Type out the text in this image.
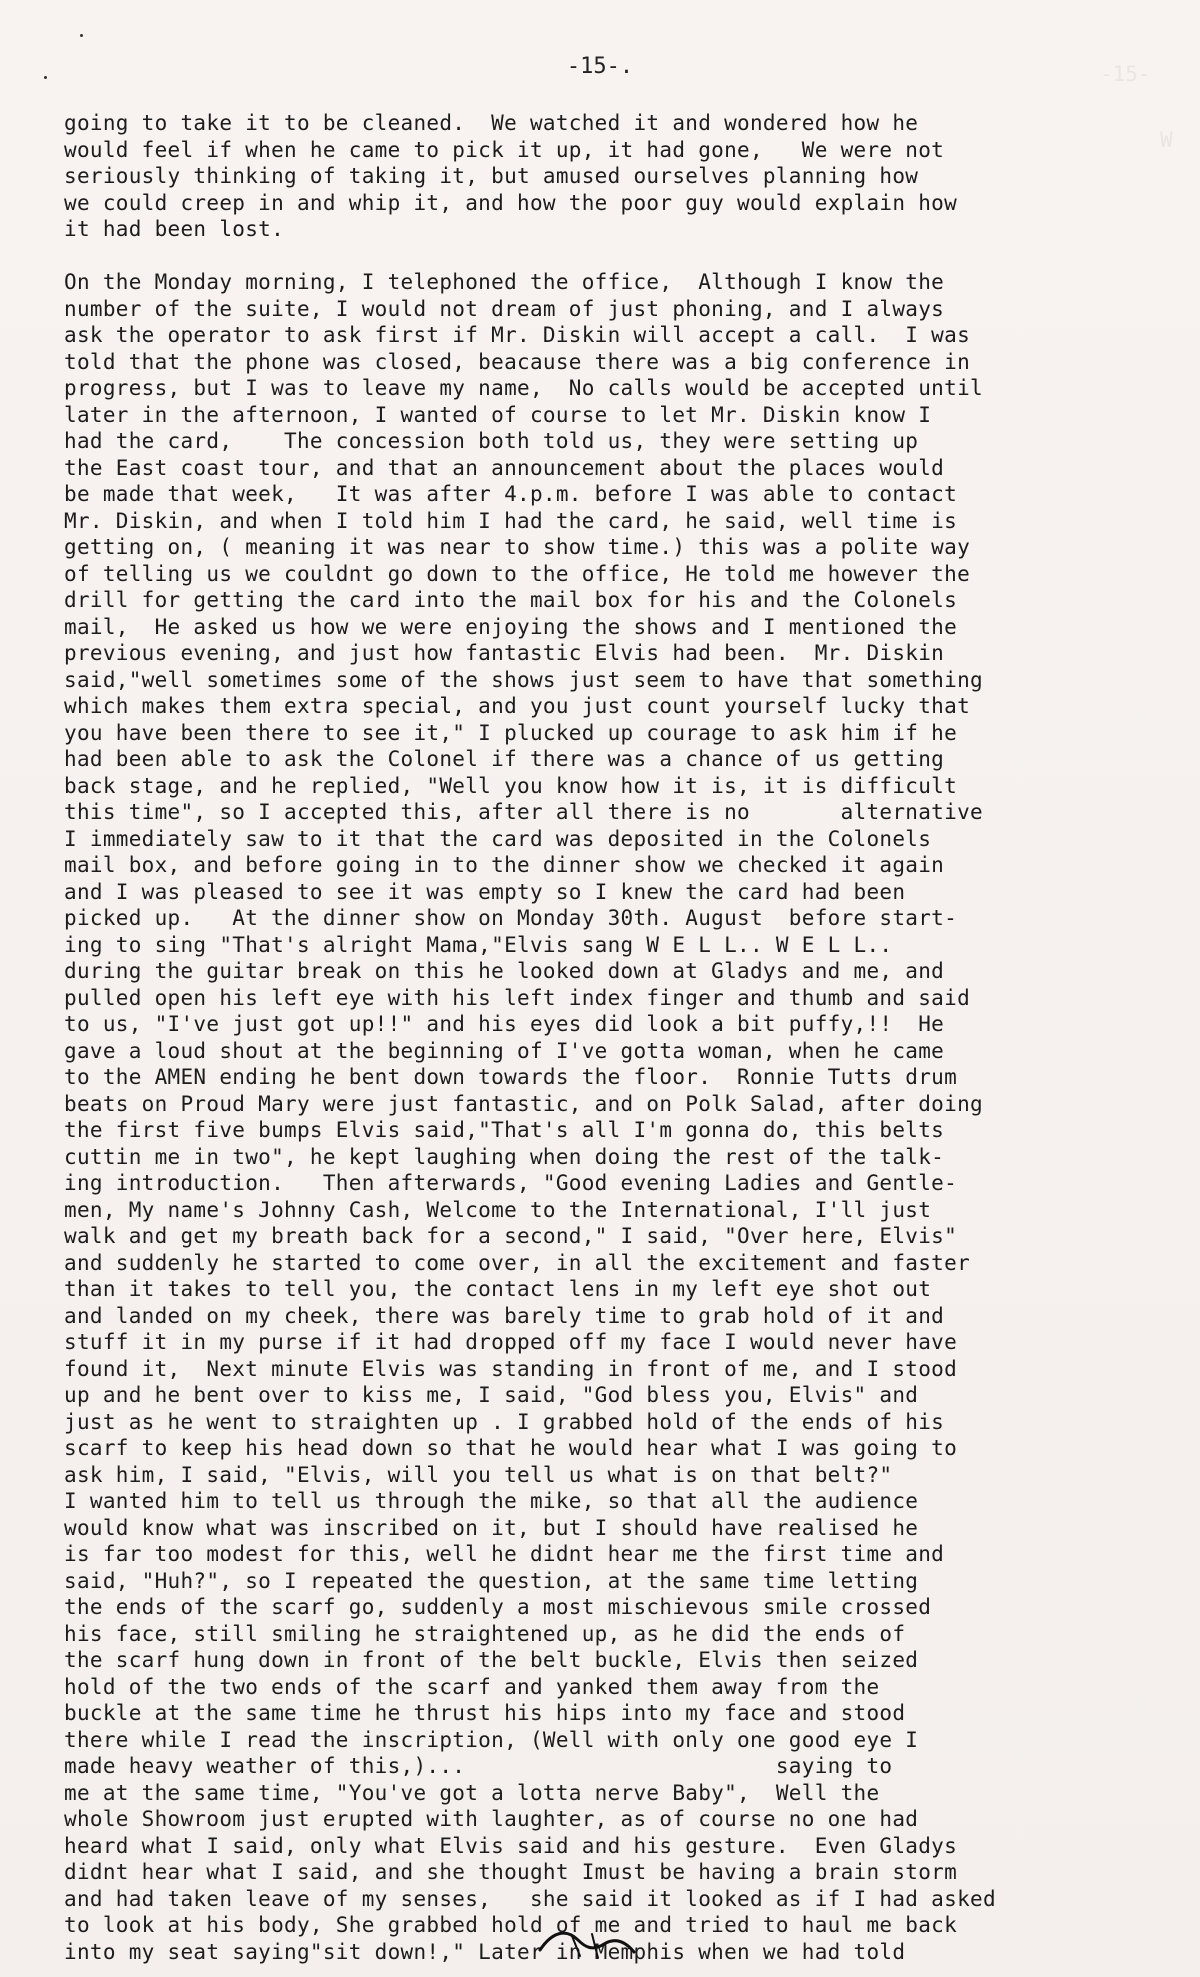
-15-
W
-15-.
going to take it to be cleaned.  We watched it and wondered how he
would feel if when he came to pick it up, it had gone,   We were not
seriously thinking of taking it, but amused ourselves planning how
we could creep in and whip it, and how the poor guy would explain how
it had been lost.
On the Monday morning, I telephoned the office,  Although I know the
number of the suite, I would not dream of just phoning, and I always
ask the operator to ask first if Mr. Diskin will accept a call.  I was
told that the phone was closed, beacause there was a big conference in
progress, but I was to leave my name,  No calls would be accepted until
later in the afternoon, I wanted of course to let Mr. Diskin know I
had the card,    The concession both told us, they were setting up
the East coast tour, and that an announcement about the places would
be made that week,   It was after 4.p.m. before I was able to contact
Mr. Diskin, and when I told him I had the card, he said, well time is
getting on, ( meaning it was near to show time.) this was a polite way
of telling us we couldnt go down to the office, He told me however the
drill for getting the card into the mail box for his and the Colonels
mail,  He asked us how we were enjoying the shows and I mentioned the
previous evening, and just how fantastic Elvis had been.  Mr. Diskin
said,"well sometimes some of the shows just seem to have that something
which makes them extra special, and you just count yourself lucky that
you have been there to see it," I plucked up courage to ask him if he
had been able to ask the Colonel if there was a chance of us getting
back stage, and he replied, "Well you know how it is, it is difficult
this time", so I accepted this, after all there is no       alternative
I immediately saw to it that the card was deposited in the Colonels
mail box, and before going in to the dinner show we checked it again
and I was pleased to see it was empty so I knew the card had been
picked up.   At the dinner show on Monday 30th. August  before start-
ing to sing "That's alright Mama,"Elvis sang W E L L.. W E L L..
during the guitar break on this he looked down at Gladys and me, and
pulled open his left eye with his left index finger and thumb and said
to us, "I've just got up!!" and his eyes did look a bit puffy,!!  He
gave a loud shout at the beginning of I've gotta woman, when he came
to the AMEN ending he bent down towards the floor.  Ronnie Tutts drum
beats on Proud Mary were just fantastic, and on Polk Salad, after doing
the first five bumps Elvis said,"That's all I'm gonna do, this belts
cuttin me in two", he kept laughing when doing the rest of the talk-
ing introduction.   Then afterwards, "Good evening Ladies and Gentle-
men, My name's Johnny Cash, Welcome to the International, I'll just
walk and get my breath back for a second," I said, "Over here, Elvis"
and suddenly he started to come over, in all the excitement and faster
than it takes to tell you, the contact lens in my left eye shot out
and landed on my cheek, there was barely time to grab hold of it and
stuff it in my purse if it had dropped off my face I would never have
found it,  Next minute Elvis was standing in front of me, and I stood
up and he bent over to kiss me, I said, "God bless you, Elvis" and
just as he went to straighten up . I grabbed hold of the ends of his
scarf to keep his head down so that he would hear what I was going to
ask him, I said, "Elvis, will you tell us what is on that belt?"
I wanted him to tell us through the mike, so that all the audience
would know what was inscribed on it, but I should have realised he
is far too modest for this, well he didnt hear me the first time and
said, "Huh?", so I repeated the question, at the same time letting
the ends of the scarf go, suddenly a most mischievous smile crossed
his face, still smiling he straightened up, as he did the ends of
the scarf hung down in front of the belt buckle, Elvis then seized
hold of the two ends of the scarf and yanked them away from the
buckle at the same time he thrust his hips into my face and stood
there while I read the inscription, (Well with only one good eye I
made heavy weather of this,)...                        saying to
me at the same time, "You've got a lotta nerve Baby",  Well the
whole Showroom just erupted with laughter, as of course no one had
heard what I said, only what Elvis said and his gesture.  Even Gladys
didnt hear what I said, and she thought Imust be having a brain storm
and had taken leave of my senses,   she said it looked as if I had asked
to look at his body, She grabbed hold of me and tried to haul me back
into my seat saying"sit down!," Later in Memphis when we had told
